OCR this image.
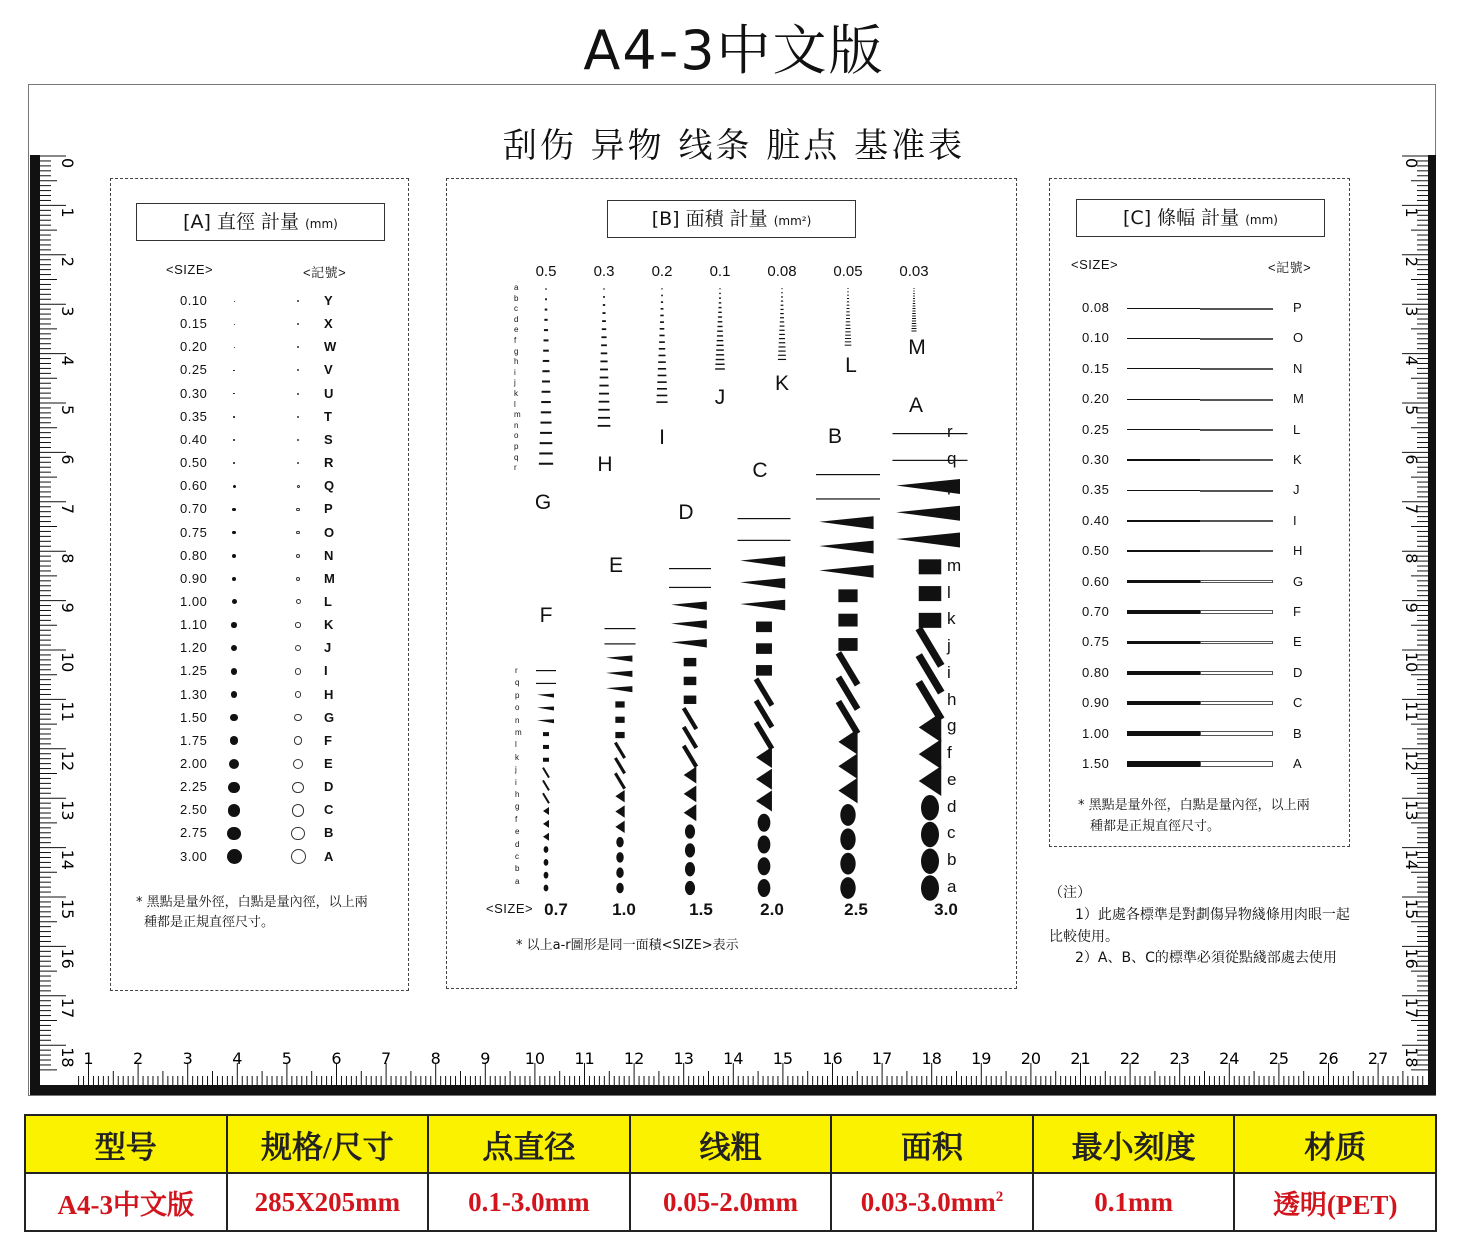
A4-3中文版
0	0
1	1
2	2
3	3
4	4
5	5
6	6
7	7
8	8
9	9
10	10
11	11
12	12
13	13
14	14
15	15
16	16
17	17
18	18
1 2 3 4 5 6 7 8 9 10 11 12 13 14 15 16 17 18 19 20 21 22 23 24 25 26 27
刮伤 异物 线条 脏点 基准表
[A] 直徑 計量 (mm)
<SIZE>	<記號>
0.10	Y
0.15	X
0.20	W
0.25	V
0.30	U
0.35	T
0.40	S
0.50	R
0.60	Q
0.70	P
0.75	O
0.80	N
0.90	M
1.00	L
1.10	K
1.20	J
1.25	I
1.30	H
1.50	G
1.75	F
2.00	E
2.25	D
2.50	C
2.75	B
3.00	A
* 黑點是量外徑，白點是量內徑，以上兩
種都是正規直徑尺寸。
[B] 面積 計量 (mm²)
0.5	0.3	0.2	0.1	0.08	0.05	0.03
G
H
I
J
K
L
M
a
b
c
d
e
f
g
h
i
j
k
l
m
n
o
p
q
r
F
E
D
C
B
A
0.7	1.0	1.5	2.0	2.5	3.0
r
q
p
o
n
m
l
k
j
i
h
g
f
e
d
c
b
a
r
q
p
o
n
m
l
k
j
i
h
g
f
e
d
c
b
a
<SIZE>
* 以上a-r圖形是同一面積<SIZE>表示
[C] 條幅 計量 (mm)
<SIZE>	<記號>
0.08	P
0.10	O
0.15	N
0.20	M
0.25	L
0.30	K
0.35	J
0.40	I
0.50	H
0.60	G
0.70	F
0.75	E
0.80	D
0.90	C
1.00	B
1.50	A
* 黑點是量外徑，白點是量內徑，以上兩
種都是正規直徑尺寸。
（注）
1）此處各標準是對劃傷异物綫條用肉眼一起
比較使用。
2）A、B、C的標準必須從點綫部處去使用
型号	规格/尺寸	点直径	线粗	面积	最小刻度	材质
A4-3中文版	285X205mm	0.1-3.0mm	0.05-2.0mm	$0.03-3.0mm^2$	0.1mm	透明(PET)
